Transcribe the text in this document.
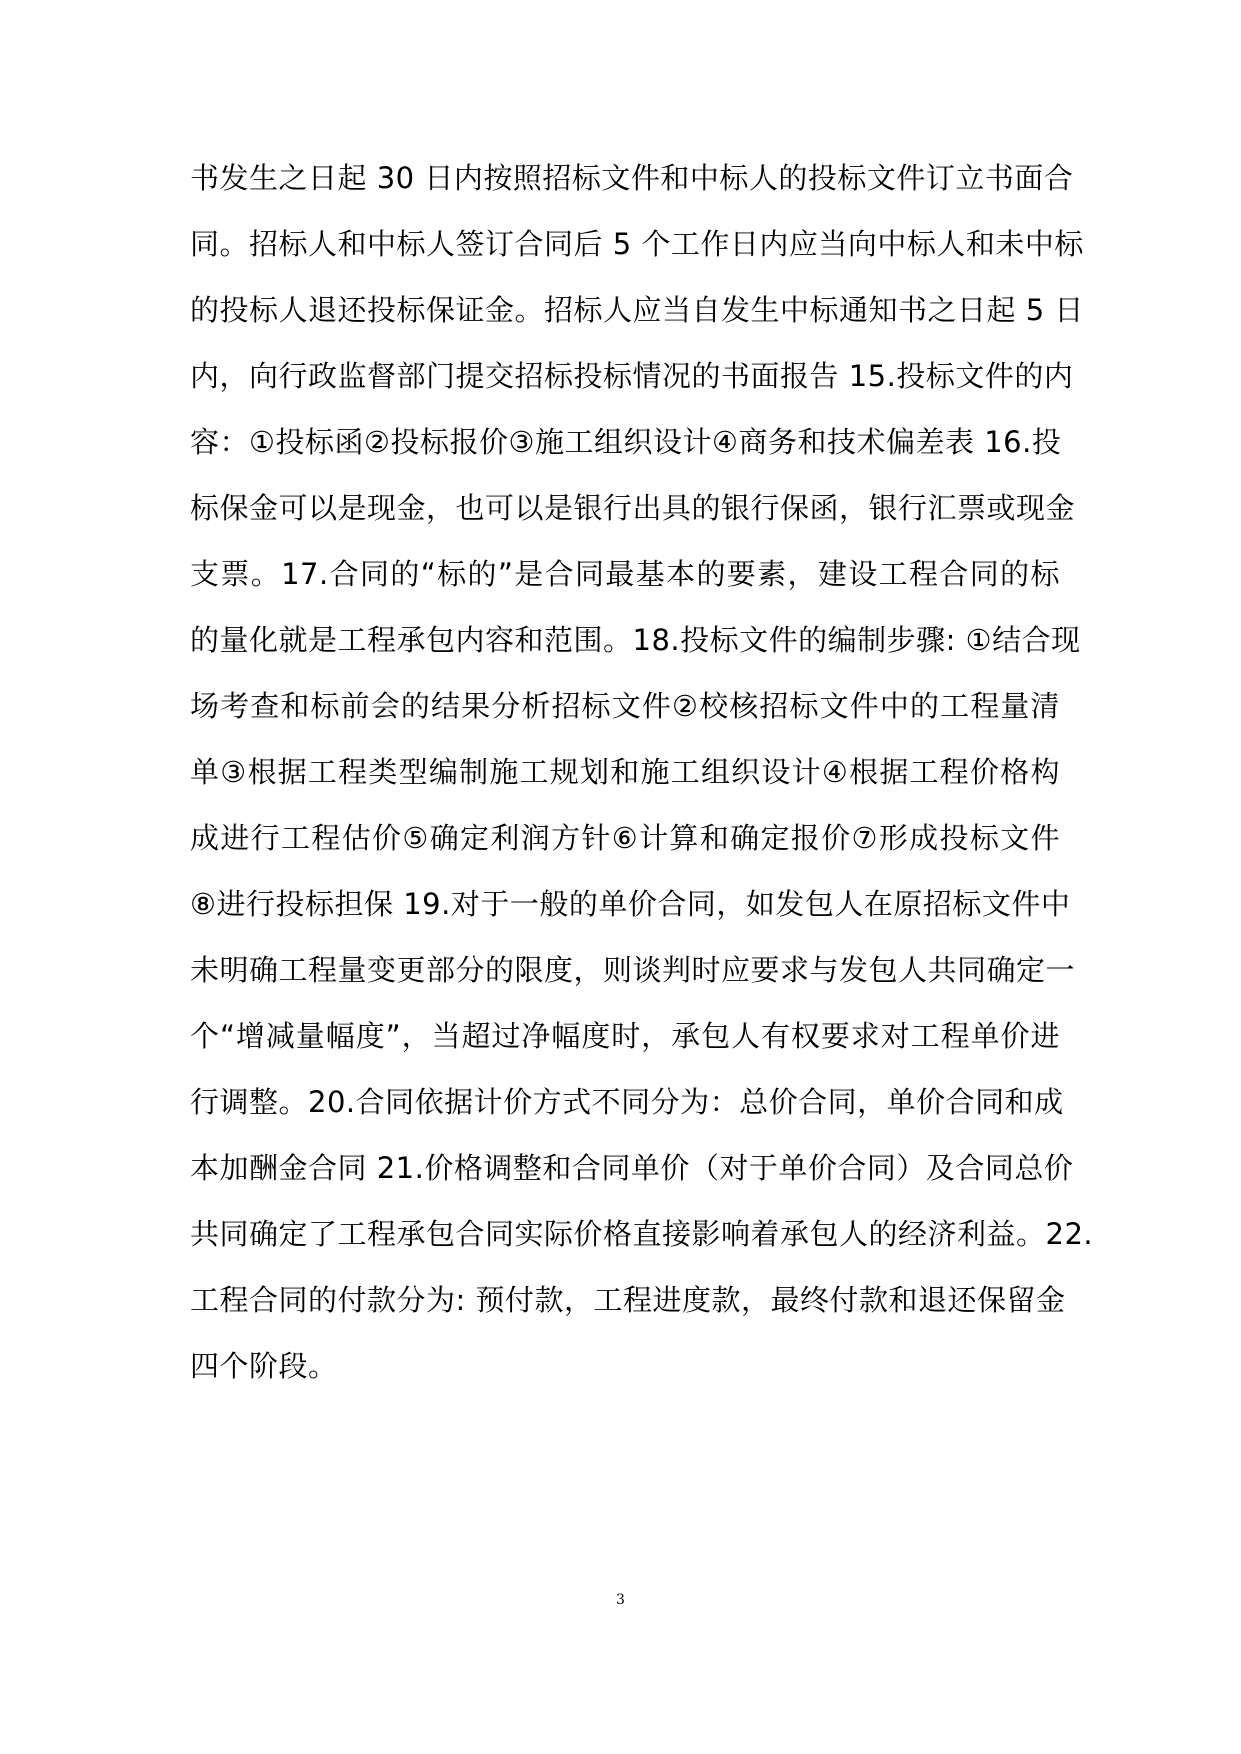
书发生之日起 30 日内按照招标文件和中标人的投标文件订立书面合
同。招标人和中标人签订合同后 5 个工作日内应当向中标人和未中标
的投标人退还投标保证金。招标人应当自发生中标通知书之日起 5 日
内，向行政监督部门提交招标投标情况的书面报告 15.投标文件的内
容：①投标函②投标报价③施工组织设计④商务和技术偏差表 16.投
标保金可以是现金，也可以是银行出具的银行保函，银行汇票或现金
支票。17.合同的“标的”是合同最基本的要素，建设工程合同的标
的量化就是工程承包内容和范围。18.投标文件的编制步骤: ①结合现
场考查和标前会的结果分析招标文件②校核招标文件中的工程量清
单③根据工程类型编制施工规划和施工组织设计④根据工程价格构
成进行工程估价⑤确定利润方针⑥计算和确定报价⑦形成投标文件
⑧进行投标担保 19.对于一般的单价合同，如发包人在原招标文件中
未明确工程量变更部分的限度，则谈判时应要求与发包人共同确定一
个“增减量幅度”，当超过净幅度时，承包人有权要求对工程单价进
行调整。20.合同依据计价方式不同分为：总价合同，单价合同和成
本加酬金合同 21.价格调整和合同单价（对于单价合同）及合同总价
共同确定了工程承包合同实际价格直接影响着承包人的经济利益。22.
工程合同的付款分为: 预付款，工程进度款，最终付款和退还保留金
四个阶段。
3
